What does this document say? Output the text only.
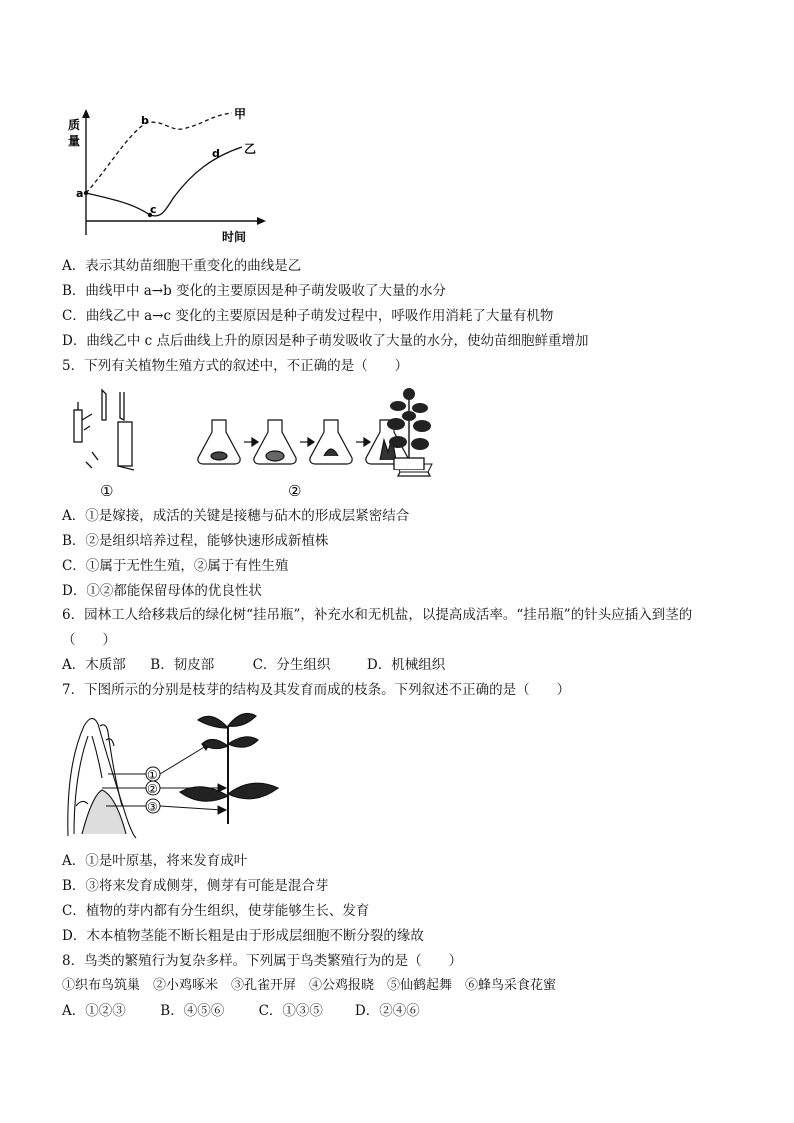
质
量
时间
a
b
c
d
甲
乙
A．表示其幼苗细胞干重变化的曲线是乙
B．曲线甲中 a→b 变化的主要原因是种子萌发吸收了大量的水分
C．曲线乙中 a→c 变化的主要原因是种子萌发过程中，呼吸作用消耗了大量有机物
D．曲线乙中 c 点后曲线上升的原因是种子萌发吸收了大量的水分，使幼苗细胞鲜重增加
5．下列有关植物生殖方式的叙述中，不正确的是（　　）
①	②
A．①是嫁接，成活的关键是接穗与砧木的形成层紧密结合
B．②是组织培养过程，能够快速形成新植株
C．①属于无性生殖，②属于有性生殖
D．①②都能保留母体的优良性状
6．园林工人给移栽后的绿化树“挂吊瓶”，补充水和无机盐，以提高成活率。“挂吊瓶”的针头应插入到茎的
（　　）
A．木质部 B．韧皮部	C．分生组织	D．机械组织
7．下图所示的分别是枝芽的结构及其发育而成的枝条。下列叙述不正确的是（　　）
①
②
③
A．①是叶原基，将来发育成叶
B．③将来发育成侧芽，侧芽有可能是混合芽
C．植物的芽内都有分生组织，使芽能够生长、发育
D．木本植物茎能不断长粗是由于形成层细胞不断分裂的缘故
8．鸟类的繁殖行为复杂多样。下列属于鸟类繁殖行为的是（　　）
①织布鸟筑巢　②小鸡啄米　③孔雀开屏　④公鸡报晓　⑤仙鹤起舞　⑥蜂鸟采食花蜜
A．①②③	B．④⑤⑥	C．①③⑤ D．②④⑥
